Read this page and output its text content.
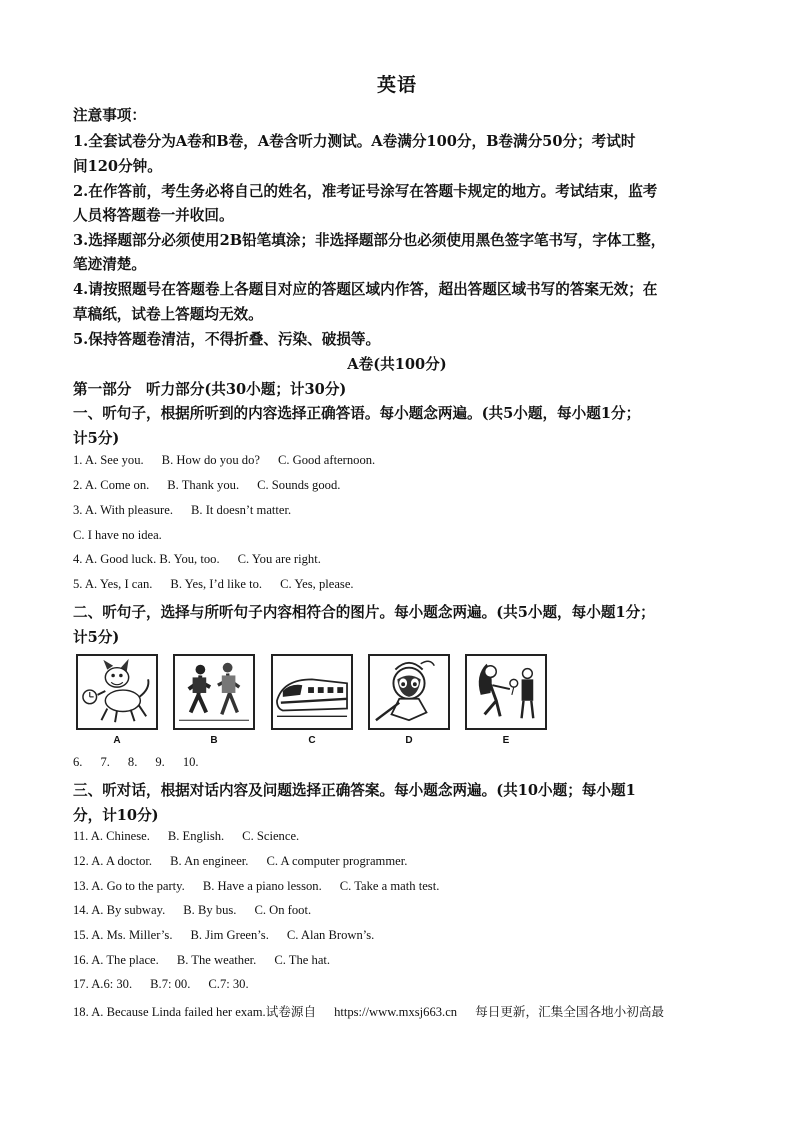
英语
注意事项：
1.全套试卷分为A卷和B卷，A卷含听力测试。A卷满分100分，B卷满分50分；考试时
间120分钟。
2.在作答前，考生务必将自己的姓名，准考证号涂写在答题卡规定的地方。考试结束，监考
人员将答题卷一并收回。
3.选择题部分必须使用2B铅笔填涂；非选择题部分也必须使用黑色签字笔书写，字体工整，
笔迹清楚。
4.请按照题号在答题卷上各题目对应的答题区域内作答，超出答题区域书写的答案无效；在
草稿纸，试卷上答题均无效。
5.保持答题卷清洁，不得折叠、污染、破损等。
A卷(共100分)
第一部分　听力部分(共30小题；计30分)
一、听句子，根据所听到的内容选择正确答语。每小题念两遍。(共5小题，每小题1分；
计5分)
1. A. See you. B. How do you do? C. Good afternoon.
2. A. Come on. B. Thank you. C. Sounds good.
3. A. With pleasure. B. It doesn’t matter.
C. I have no idea.
4. A. Good luck. B. You, too. C. You are right.
5. A. Yes, I can. B. Yes, I’d like to. C. Yes, please.
二、听句子，选择与所听句子内容相符合的图片。每小题念两遍。(共5小题，每小题1分；
计5分)
A	B	C	D	E
6. 7. 8. 9. 10.
三、听对话，根据对话内容及问题选择正确答案。每小题念两遍。(共10小题；每小题1
分，计10分)
11. A. Chinese. B. English. C. Science.
12. A. A doctor. B. An engineer. C. A computer programmer.
13. A. Go to the party. B. Have a piano lesson. C. Take a math test.
14. A. By subway. B. By bus. C. On foot.
15. A. Ms. Miller’s. B. Jim Green’s. C. Alan Brown’s.
16. A. The place. B. The weather. C. The hat.
17. A.6: 30. B.7: 00. C.7: 30.
18. A. Because Linda failed her exam.试卷源自 https://www.mxsj663.cn 每日更新，汇集全国各地小初高最
